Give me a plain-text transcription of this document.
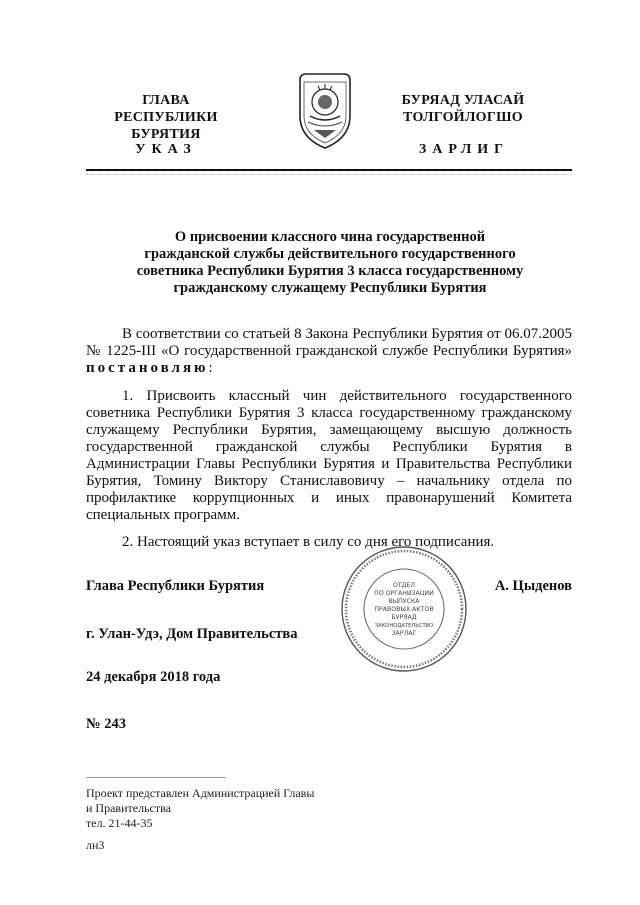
ГЛАВА
РЕСПУБЛИКИ БУРЯТИЯ
УКАЗ
БУРЯАД УЛАСАЙ
ТОЛГОЙЛОГШО
ЗАРЛИГ
О присвоении классного чина государственной
гражданской службы действительного государственного
советника Республики Бурятия 3 класса государственному
гражданскому служащему Республики Бурятия

В соответствии со статьей 8 Закона Республики Бурятия от 06.07.2005 № 1225-III «О государственной гражданской службе Республики Бурятия» постановляю:

1. Присвоить классный чин действительного государственного советника Республики Бурятия 3 класса государственному гражданскому служащему Республики Бурятия, замещающему высшую должность государственной гражданской службы Республики Бурятия в Администрации Главы Республики Бурятия и Правительства Республики Бурятия, Томину Виктору Станиславовичу – начальнику отдела по профилактике коррупционных и иных правонарушений Комитета специальных программ.

2. Настоящий указ вступает в силу со дня его подписания.

Глава Республики Бурятия	А. Цыденов
г. Улан-Удэ, Дом Правительства
24 декабря 2018 года
№ 243
ОТДЕЛ
ПО ОРГАНИЗАЦИИ
ВЫПУСКА
ПРАВОВЫХ АКТОВ
БУРЯАД
ЗАКОНОДАТЕЛЬСТВО
ЗАРЛАГ
Проект представлен Администрацией Главы
и Правительства
тел. 21-44-35
лн3
